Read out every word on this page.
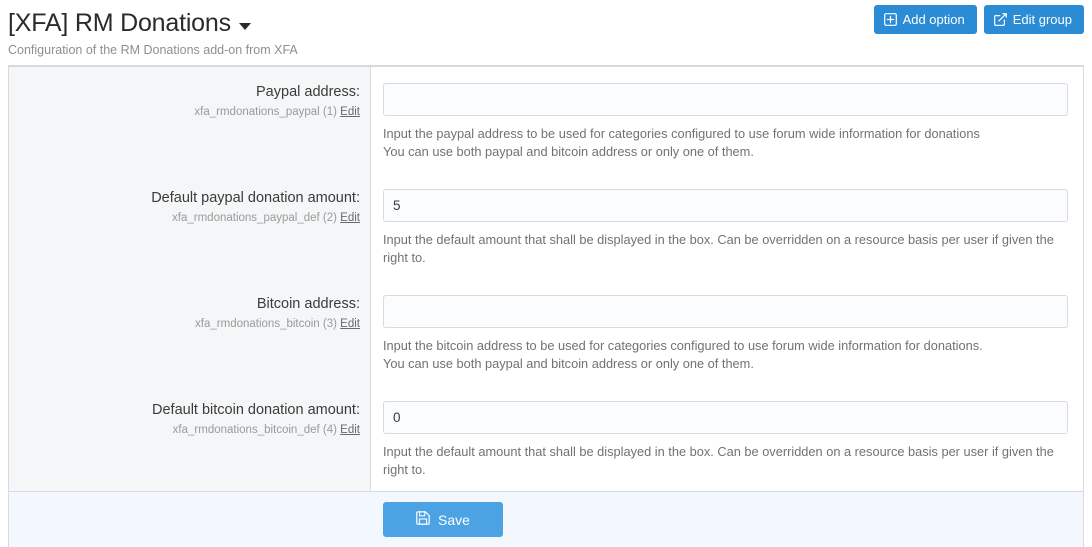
[XFA] RM Donations
Configuration of the RM Donations add-on from XFA
Add option	Edit group
Paypal address:
xfa_rmdonations_paypal (1) Edit
Input the paypal address to be used for categories configured to use forum wide information for donations
You can use both paypal and bitcoin address or only one of them.
Default paypal donation amount:
xfa_rmdonations_paypal_def (2) Edit
5
Input the default amount that shall be displayed in the box. Can be overridden on a resource basis per user if given the right to.
Bitcoin address:
xfa_rmdonations_bitcoin (3) Edit
Input the bitcoin address to be used for categories configured to use forum wide information for donations.
You can use both paypal and bitcoin address or only one of them.
Default bitcoin donation amount:
xfa_rmdonations_bitcoin_def (4) Edit
0
Input the default amount that shall be displayed in the box. Can be overridden on a resource basis per user if given the right to.
Save
